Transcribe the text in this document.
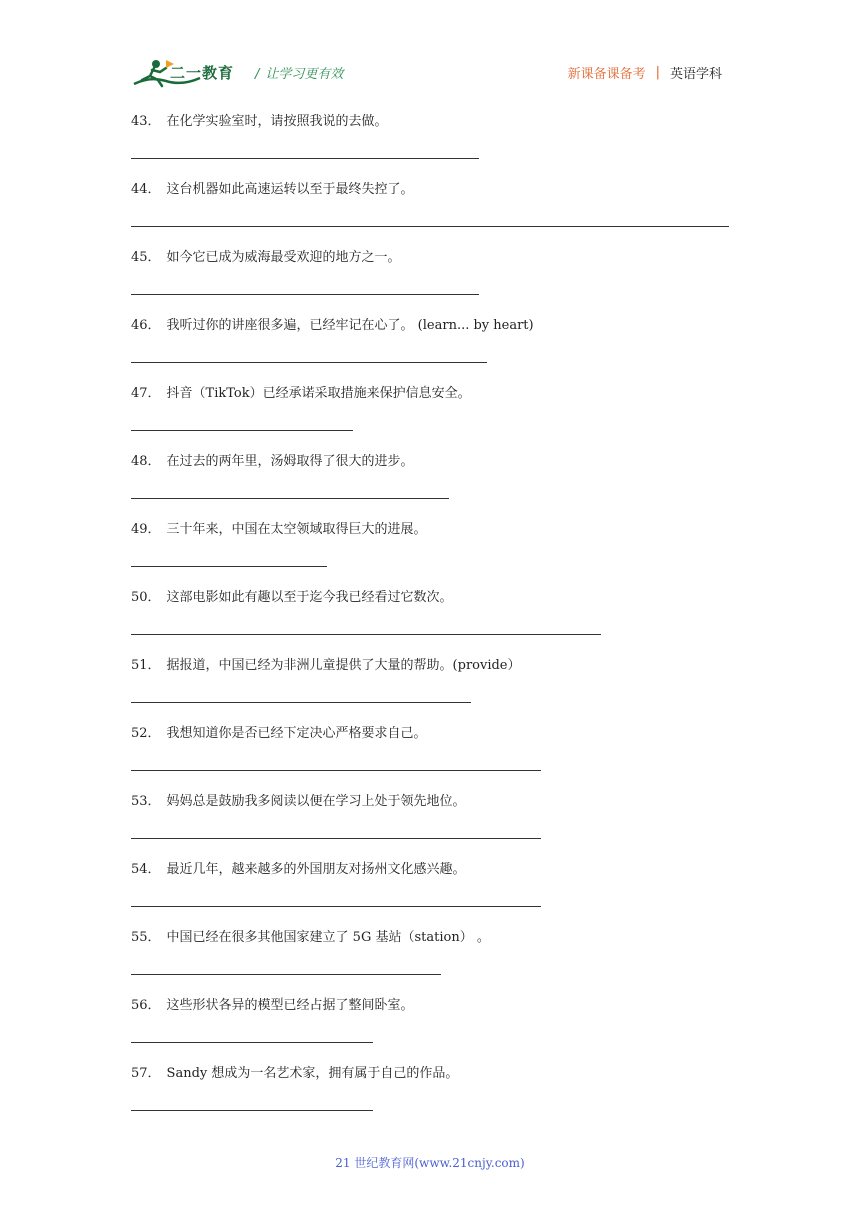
二一教育 / 让学习更有效	新课备课备考 | 英语学科
43． 在化学实验室时，请按照我说的去做。
44． 这台机器如此高速运转以至于最终失控了。
45． 如今它已成为威海最受欢迎的地方之一。
46． 我听过你的讲座很多遍，已经牢记在心了。 (learn... by heart)
47． 抖音（TikTok）已经承诺采取措施来保护信息安全。
48． 在过去的两年里，汤姆取得了很大的进步。
49． 三十年来，中国在太空领域取得巨大的进展。
50． 这部电影如此有趣以至于迄今我已经看过它数次。
51． 据报道，中国已经为非洲儿童提供了大量的帮助。(provide）
52． 我想知道你是否已经下定决心严格要求自己。
53． 妈妈总是鼓励我多阅读以便在学习上处于领先地位。
54． 最近几年，越来越多的外国朋友对扬州文化感兴趣。
55． 中国已经在很多其他国家建立了 5G 基站（station） 。
56． 这些形状各异的模型已经占据了整间卧室。
57． Sandy 想成为一名艺术家，拥有属于自己的作品。
21 世纪教育网(www.21cnjy.com)
